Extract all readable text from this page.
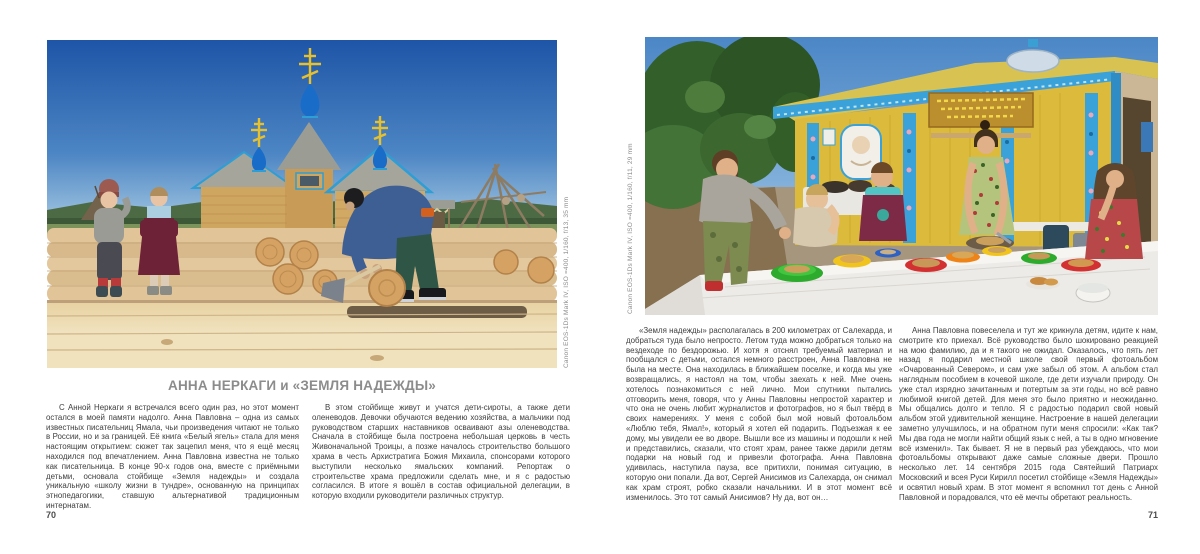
Canon EOS-1Ds Mark IV, ISO =400, 1/160, f/13, 35 mm
АННА НЕРКАГИ и «ЗЕМЛЯ НАДЕЖДЫ»

С Анной Неркаги я встречался всего один раз, но этот момент остался в моей памяти надолго. Анна Павловна – одна из самых известных писательниц Ямала, чьи произведения читают не только в России, но и за границей. Её книга «Белый ягель» стала для меня настоящим открытием: сюжет так зацепил меня, что я ещё месяц находился под впечатлением. Анна Павловна известна не только как писательница. В конце 90-х годов она, вместе с приёмными детьми, основала стойбище «Земля надежды» и создала уникальную «школу жизни в тундре», основанную на принципах этнопедагогики, ставшую альтернативой традиционным интернатам.

В этом стойбище живут и учатся дети-сироты, а также дети оленеводов. Девочки обучаются ведению хозяйства, а мальчики под руководством старших наставников осваивают азы оленеводства. Сначала в стойбище была построена небольшая церковь в честь Живоначальной Троицы, а позже началось строительство большого храма в честь Архистратига Божия Михаила, спонсорами которого выступили несколько ямальских компаний. Репортаж о строительстве храма предложили сделать мне, и я с радостью согласился. В итоге я вошёл в состав официальной делегации, в которую входили руководители различных структур.

70
Canon EOS-1Ds Mark IV, ISO =400, 1/160, f/11, 29 mm

«Земля надежды» располагалась в 200 километрах от Салехарда, и добраться туда было непросто. Летом туда можно добраться только на вездеходе по бездорожью. И хотя я отснял требуемый материал и пообщался с детьми, остался немного расстроен, Анна Павловна не была на месте. Она находилась в ближайшем поселке, и когда мы уже возвращались, я настоял на том, чтобы заехать к ней. Мне очень хотелось познакомиться с ней лично. Мои спутники пытались отговорить меня, говоря, что у Анны Павловны непростой характер и что она не очень любит журналистов и фотографов, но я был твёрд в своих намерениях. У меня с собой был мой новый фотоальбом «Люблю тебя, Ямал!», который я хотел ей подарить. Подъезжая к ее дому, мы увидели ее во дворе. Вышли все из машины и подошли к ней и представились, сказали, что стоят храм, ранее также дарили детям подарки на новый год и привезли фотографа. Анна Павловна удивилась, наступила пауза, все притихли, понимая ситуацию, в которую они попали. Да вот, Сергей Анисимов из Салехарда, он снимал как храм строят, робко сказали начальники. И в этот момент всё изменилось. Это тот самый Анисимов? Ну да, вот он…

Анна Павловна повеселела и тут же крикнула детям, идите к нам, смотрите кто приехал. Всё руководство было шокировано реакцией на мою фамилию, да и я такого не ожидал. Оказалось, что пять лет назад я подарил местной школе свой первый фотоальбом «Очарованный Севером», и сам уже забыл об этом. А альбом стал наглядным пособием в кочевой школе, где дети изучали природу. Он уже стал изрядно зачитанным и потертым за эти годы, но всё равно любимой книгой детей. Для меня это было приятно и неожиданно. Мы общались долго и тепло. Я с радостью подарил свой новый альбом этой удивительной женщине. Настроение в нашей делегации заметно улучшилось, и на обратном пути меня спросили: «Как так? Мы два года не могли найти общий язык с ней, а ты в одно мгновение всё изменил». Так бывает. Я не в первый раз убеждаюсь, что мои фотоальбомы открывают даже самые сложные двери. Прошло несколько лет. 14 сентября 2015 года Святейший Патриарх Московский и всея Руси Кирилл посетил стойбище «Земля Надежды» и освятил новый храм. В этот момент я вспомнил тот день с Анной Павловной и порадовался, что её мечты обретают реальность.

71
